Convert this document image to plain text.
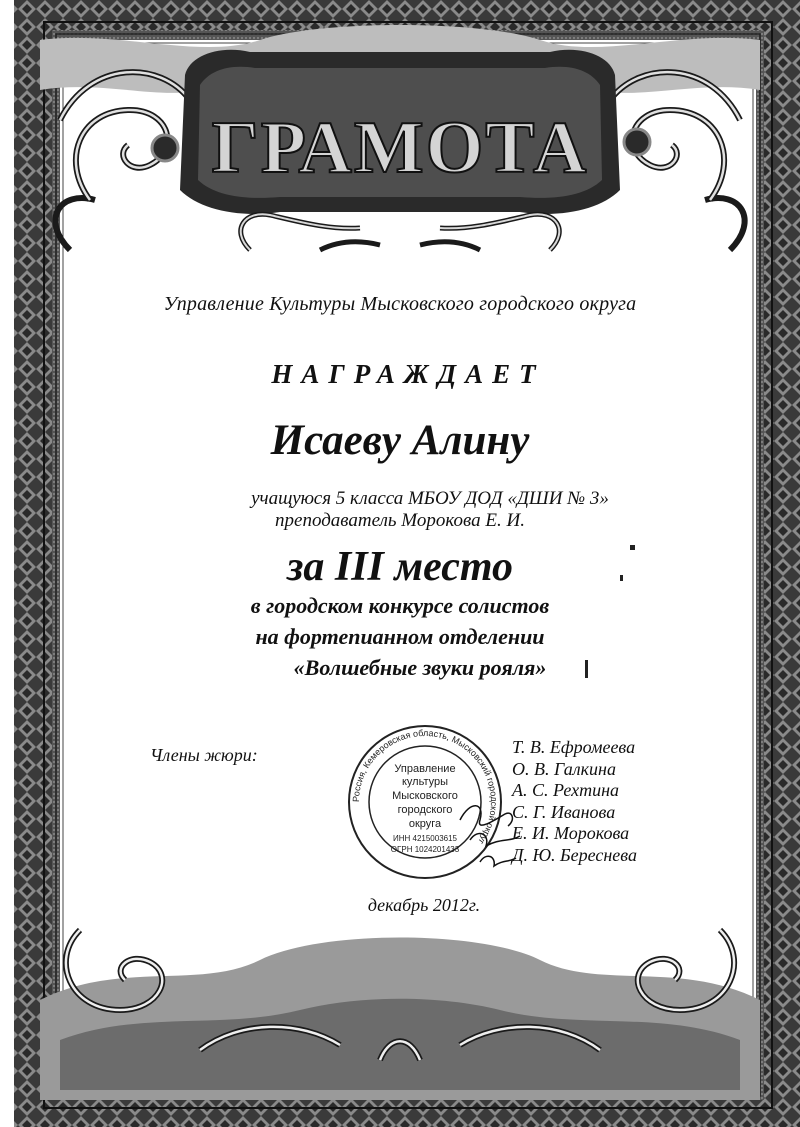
ГРАМОТА
Управление Культуры Мысковского городского округа
НАГРАЖДАЕТ
Исаеву Алину
учащуюся 5 класса МБОУ ДОД «ДШИ № 3»
преподаватель Морокова Е. И.
за III место
в городском конкурсе солистов
на фортепианном отделении
«Волшебные звуки рояля»
Члены жюри:
Россия, Кемеровская область, Мысковский городской округ
Управление
культуры
Мысковского
городского
округа
ИНН 4215003615
ОГРН 1024201433
Т. В. Ефромеева
О. В. Галкина
А. С. Рехтина
С. Г. Иванова
Е. И. Морокова
Д. Ю. Береснева
декабрь 2012г.
